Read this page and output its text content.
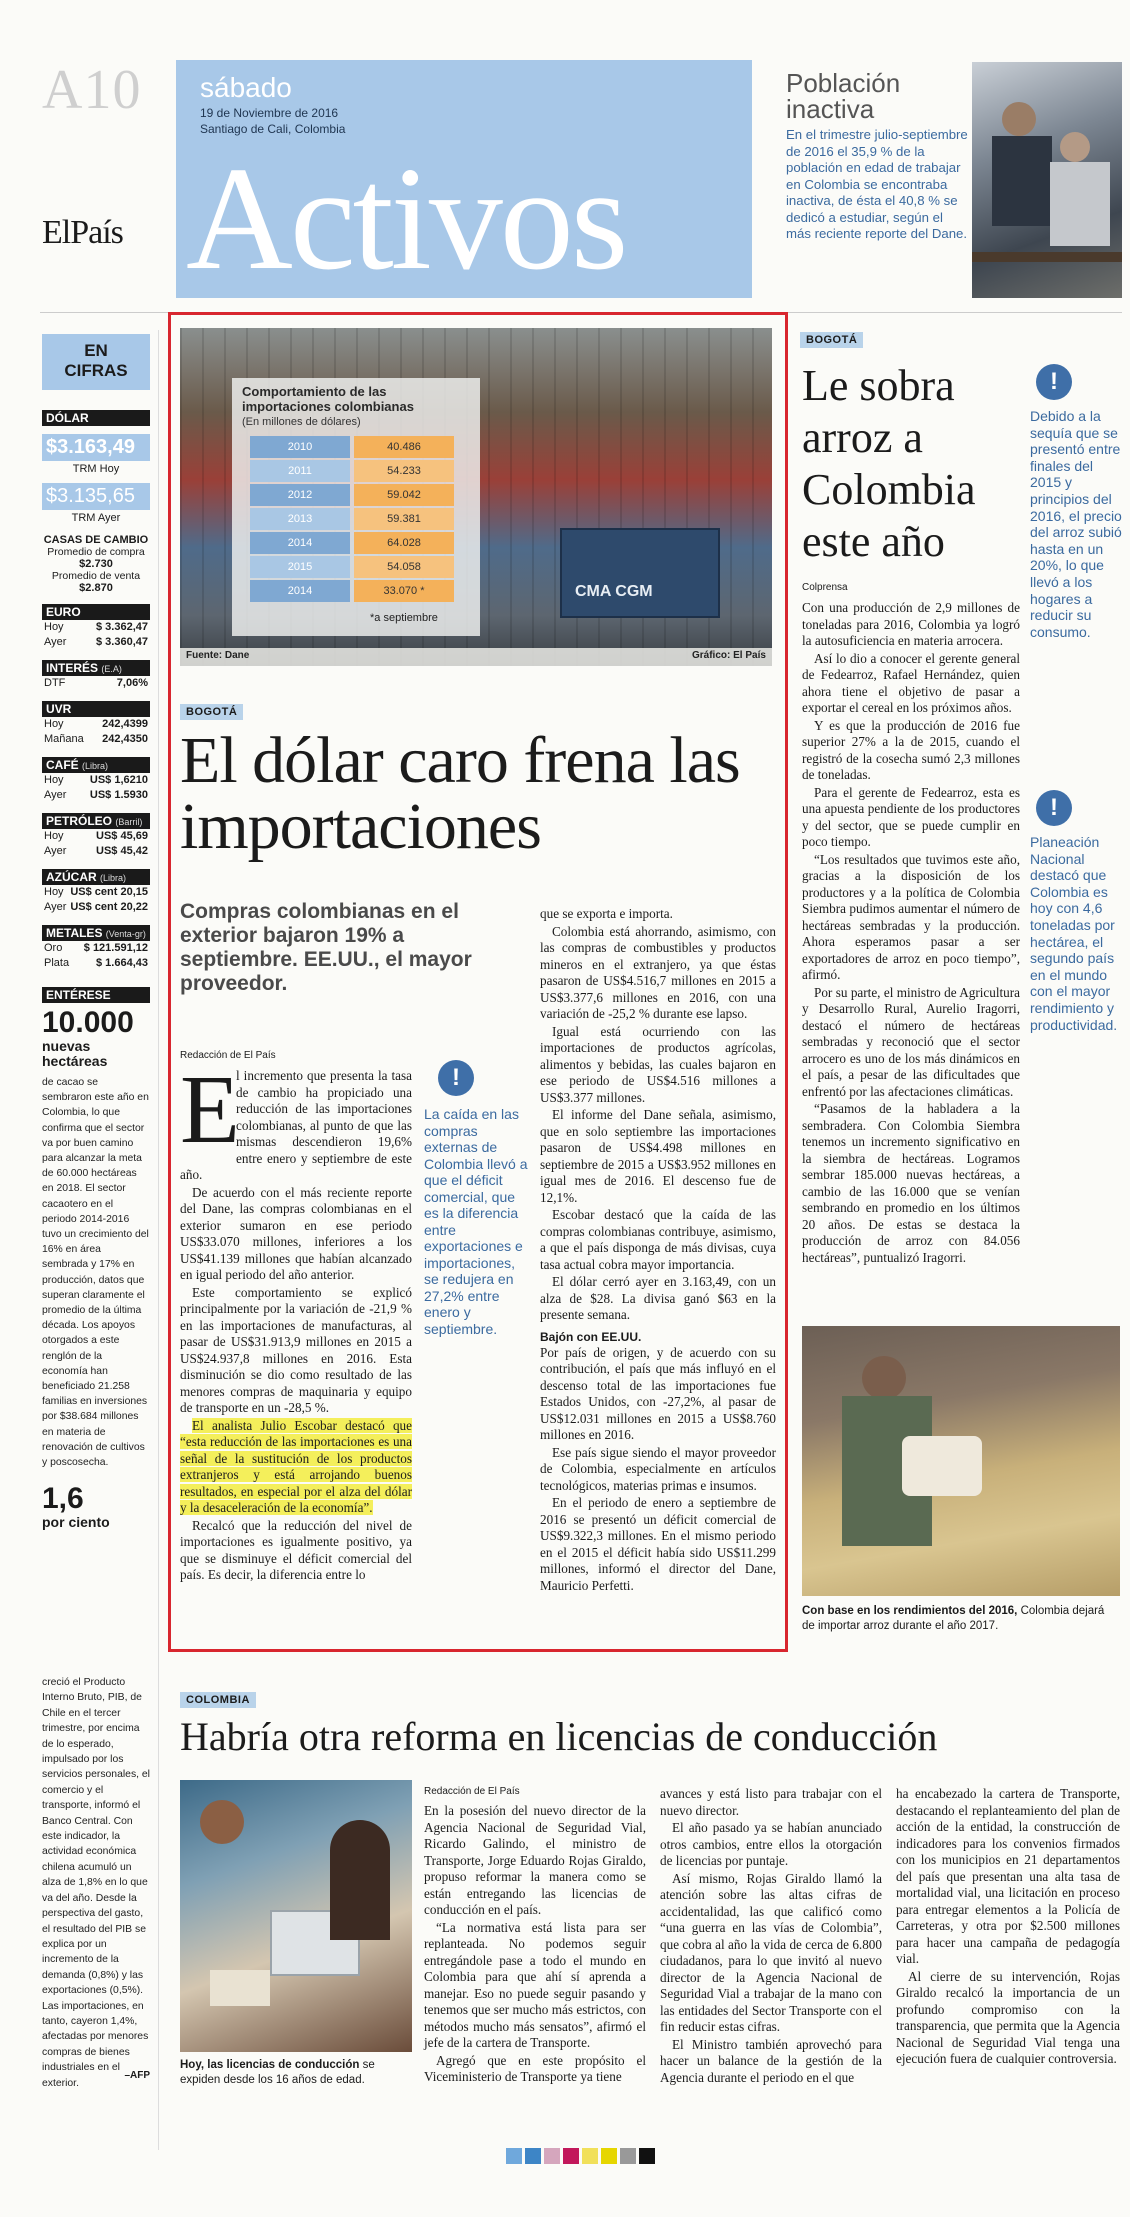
A10
ElPaís
sábado
19 de Noviembre de 2016
Santiago de Cali, Colombia
Activos
Población inactiva
En el trimestre julio-septiembre de 2016 el 35,9 % de la población en edad de trabajar en Colombia se encontraba inactiva, de ésta el 40,8 % se dedicó a estudiar, según el más reciente reporte del Dane.
EN
CIFRAS
DÓLAR
$3.163,49
TRM Hoy
$3.135,65
TRM Ayer
CASAS DE CAMBIO
Promedio de compra
$2.730
Promedio de venta
$2.870
EURO
Hoy	$ 3.362,47
Ayer	$ 3.360,47
INTERÉS (E.A)
DTF	7,06%
UVR
Hoy	242,4399
Mañana 242,4350
CAFÉ (Libra)
Hoy US$ 1,6210
Ayer US$ 1.5930
PETRÓLEO (Barril)
Hoy	US$ 45,69
Ayer	US$ 45,42
AZÚCAR (Libra)
Hoy US$ cent 20,15
Ayer US$ cent 20,22
METALES (Venta-gr)
Oro $ 121.591,12
Plata $ 1.664,43
ENTÉRESE
10.000
nuevas hectáreas
de cacao se sembraron este año en Colombia, lo que confirma que el sector va por buen camino para alcanzar la meta de 60.000 hectáreas en 2018. El sector cacaotero en el periodo 2014-2016 tuvo un crecimiento del 16% en área sembrada y 17% en producción, datos que superan claramente el promedio de la última década. Los apoyos otorgados a este renglón de la economía han beneficiado 21.258 familias en inversiones por $38.684 millones en materia de renovación de cultivos y poscosecha.
1,6
por ciento
creció el Producto Interno Bruto, PIB, de Chile en el tercer trimestre, por encima de lo esperado, impulsado por los servicios personales, el comercio y el transporte, informó el Banco Central. Con este indicador, la actividad económica chilena acumuló un alza de 1,8% en lo que va del año. Desde la perspectiva del gasto, el resultado del PIB se explica por un incremento de la demanda (0,8%) y las exportaciones (0,5%). Las importaciones, en tanto, cayeron 1,4%, afectadas por menores compras de bienes industriales en el exterior.
–AFP
CMA CGM
Comportamiento de las importaciones colombianas
(En millones de dólares)
2010	40.486
2011	54.233
2012	59.042
2013	59.381
2014	64.028
2015	54.058
2014	33.070 *
*a septiembre
Fuente: Dane	Gráfico: El País
BOGOTÁ
El dólar caro frena las importaciones
Compras colombianas en el exterior bajaron 19% a septiembre. EE.UU., el mayor proveedor.
Redacción de El País
E

l incremento que presenta la tasa de cambio ha propiciado una reducción de las importaciones colombianas, al punto de que las mismas descendieron 19,6% entre enero y septiembre de este año.

De acuerdo con el más reciente reporte del Dane, las compras colombianas en el exterior sumaron en ese periodo US$33.070 millones, inferiores a los US$41.139 millones que habían alcanzado en igual periodo del año anterior.

Este comportamiento se explicó principalmente por la variación de -21,9 % en las importaciones de manufacturas, al pasar de US$31.913,9 millones en 2015 a US$24.937,8 millones en 2016. Esta disminución se dio como resultado de las menores compras de maquinaria y equipo de transporte en un -28,5 %.

El analista Julio Escobar destacó que “esta reducción de las importaciones es una señal de la sustitución de los productos extranjeros y está arrojando buenos resultados, en especial por el alza del dólar y la desaceleración de la economía”.

Recalcó que la reducción del nivel de importaciones es igualmente positivo, ya que se disminuye el déficit comercial del país. Es decir, la diferencia entre lo

!
La caída en las compras externas de Colombia llevó a que el déficit comercial, que es la diferencia entre exportaciones e importaciones, se redujera en 27,2% entre enero y septiembre.

que se exporta e importa.

Colombia está ahorrando, asimismo, con las compras de combustibles y productos mineros en el extranjero, ya que éstas pasaron de US$4.516,7 millones en 2015 a US$3.377,6 millones en 2016, con una variación de -25,2 % durante ese lapso.

Igual está ocurriendo con las importaciones de productos agrícolas, alimentos y bebidas, las cuales bajaron en ese periodo de US$4.516 millones a US$3.377 millones.

El informe del Dane señala, asimismo, que en solo septiembre las importaciones pasaron de US$4.498 millones en septiembre de 2015 a US$3.952 millones en igual mes de 2016. El descenso fue de 12,1%.

Escobar destacó que la caída de las compras colombianas contribuye, asimismo, a que el país disponga de más divisas, cuya tasa actual cobra mayor importancia.

El dólar cerró ayer en 3.163,49, con un alza de $28. La divisa ganó $63 en la presente semana.

Bajón con EE.UU.

Por país de origen, y de acuerdo con su contribución, el país que más influyó en el descenso total de las importaciones fue Estados Unidos, con -27,2%, al pasar de US$12.031 millones en 2015 a US$8.760 millones en 2016.

Ese país sigue siendo el mayor proveedor de Colombia, especialmente en artículos tecnológicos, materias primas e insumos.

En el periodo de enero a septiembre de 2016 se presentó un déficit comercial de US$9.322,3 millones. En el mismo periodo en el 2015 el déficit había sido US$11.299 millones, informó el director del Dane, Mauricio Perfetti.

BOGOTÁ
Le sobra arroz a Colombia este año
Colprensa

Con una producción de 2,9 millones de toneladas para 2016, Colombia ya logró la autosuficiencia en materia arrocera.

Así lo dio a conocer el gerente general de Fedearroz, Rafael Hernández, quien ahora tiene el objetivo de pasar a exportar el cereal en los próximos años.

Y es que la producción de 2016 fue superior 27% a la de 2015, cuando el registró de la cosecha sumó 2,3 millones de toneladas.

Para el gerente de Fedearroz, esta es una apuesta pendiente de los productores y del sector, que se puede cumplir en poco tiempo.

“Los resultados que tuvimos este año, gracias a la disposición de los productores y a la política de Colombia Siembra pudimos aumentar el número de hectáreas sembradas y la producción. Ahora esperamos pasar a ser exportadores de arroz en poco tiempo”, afirmó.

Por su parte, el ministro de Agricultura y Desarrollo Rural, Aurelio Iragorri, destacó el número de hectáreas sembradas y reconoció que el sector arrocero es uno de los más dinámicos en el país, a pesar de las dificultades que enfrentó por las afectaciones climáticas.

“Pasamos de la habladera a la sembradera. Con Colombia Siembra tenemos un incremento significativo en la siembra de hectáreas. Logramos sembrar 185.000 nuevas hectáreas, a cambio de las 16.000 que se venían sembrando en promedio en los últimos 20 años. De estas se destaca la producción de arroz con 84.056 hectáreas”, puntualizó Iragorri.

!
Debido a la sequía que se presentó entre finales del 2015 y principios del 2016, el precio del arroz subió hasta en un 20%, lo que llevó a los hogares a reducir su consumo.
!
Planeación Nacional destacó que Colombia es hoy con 4,6 toneladas por hectárea, el segundo país en el mundo con el mayor rendimiento y productividad.
Con base en los rendimientos del 2016, Colombia dejará de importar arroz durante el año 2017.
COLOMBIA
Habría otra reforma en licencias de conducción
Hoy, las licencias de conducción se expiden desde los 16 años de edad.
Redacción de El País

En la posesión del nuevo director de la Agencia Nacional de Seguridad Vial, Ricardo Galindo, el ministro de Transporte, Jorge Eduardo Rojas Giraldo, propuso reformar la manera como se están entregando las licencias de conducción en el país.

“La normativa está lista para ser replanteada. No podemos seguir entregándole pase a todo el mundo en Colombia para que ahí sí aprenda a manejar. Eso no puede seguir pasando y tenemos que ser mucho más estrictos, con métodos mucho más sensatos”, afirmó el jefe de la cartera de Transporte.

Agregó que en este propósito el Viceministerio de Transporte ya tiene

avances y está listo para trabajar con el nuevo director.

El año pasado ya se habían anunciado otros cambios, entre ellos la otorgación de licencias por puntaje.

Así mismo, Rojas Giraldo llamó la atención sobre las altas cifras de accidentalidad, las que calificó como “una guerra en las vías de Colombia”, que cobra al año la vida de cerca de 6.800 ciudadanos, para lo que invitó al nuevo director de la Agencia Nacional de Seguridad Vial a trabajar de la mano con las entidades del Sector Transporte con el fin reducir estas cifras.

El Ministro también aprovechó para hacer un balance de la gestión de la Agencia durante el periodo en el que

ha encabezado la cartera de Transporte, destacando el replanteamiento del plan de acción de la entidad, la construcción de indicadores para los convenios firmados con los municipios en 21 departamentos del país que presentan una alta tasa de mortalidad vial, una licitación en proceso para entregar elementos a la Policía de Carreteras, y otra por $2.500 millones para hacer una campaña de pedagogía vial.

Al cierre de su intervención, Rojas Giraldo recalcó la importancia de un profundo compromiso con la transparencia, que permita que la Agencia Nacional de Seguridad Vial tenga una ejecución fuera de cualquier controversia.
